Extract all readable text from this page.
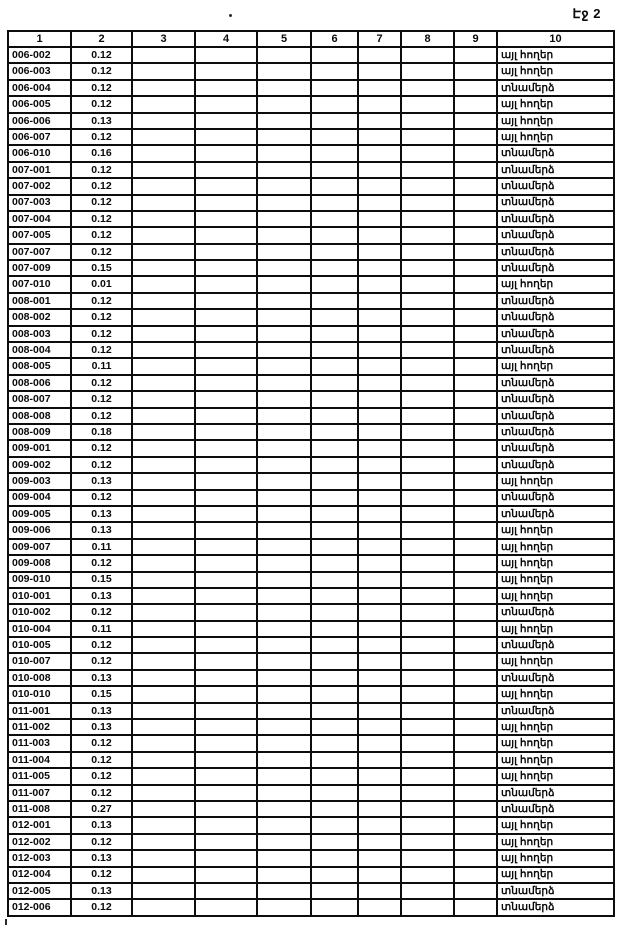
Էջ 2
1	2	3	4	5	6	7	8	9	10
006-002	0.12								այլ հողեր
006-003	0.12								այլ հողեր
006-004	0.12								տնամերձ
006-005	0.12								այլ հողեր
006-006	0.13								այլ հողեր
006-007	0.12								այլ հողեր
006-010	0.16								տնամերձ
007-001	0.12								տնամերձ
007-002	0.12								տնամերձ
007-003	0.12								տնամերձ
007-004	0.12								տնամերձ
007-005	0.12								տնամերձ
007-007	0.12								տնամերձ
007-009	0.15								տնամերձ
007-010	0.01								այլ հողեր
008-001	0.12								տնամերձ
008-002	0.12								տնամերձ
008-003	0.12								տնամերձ
008-004	0.12								տնամերձ
008-005	0.11								այլ հողեր
008-006	0.12								տնամերձ
008-007	0.12								տնամերձ
008-008	0.12								տնամերձ
008-009	0.18								տնամերձ
009-001	0.12								տնամերձ
009-002	0.12								տնամերձ
009-003	0.13								այլ հողեր
009-004	0.12								տնամերձ
009-005	0.13								տնամերձ
009-006	0.13								այլ հողեր
009-007	0.11								այլ հողեր
009-008	0.12								այլ հողեր
009-010	0.15								այլ հողեր
010-001	0.13								այլ հողեր
010-002	0.12								տնամերձ
010-004	0.11								այլ հողեր
010-005	0.12								տնամերձ
010-007	0.12								այլ հողեր
010-008	0.13								տնամերձ
010-010	0.15								այլ հողեր
011-001	0.13								տնամերձ
011-002	0.13								այլ հողեր
011-003	0.12								այլ հողեր
011-004	0.12								այլ հողեր
011-005	0.12								այլ հողեր
011-007	0.12								տնամերձ
011-008	0.27								տնամերձ
012-001	0.13								այլ հողեր
012-002	0.12								այլ հողեր
012-003	0.13								այլ հողեր
012-004	0.12								այլ հողեր
012-005	0.13								տնամերձ
012-006	0.12								տնամերձ
